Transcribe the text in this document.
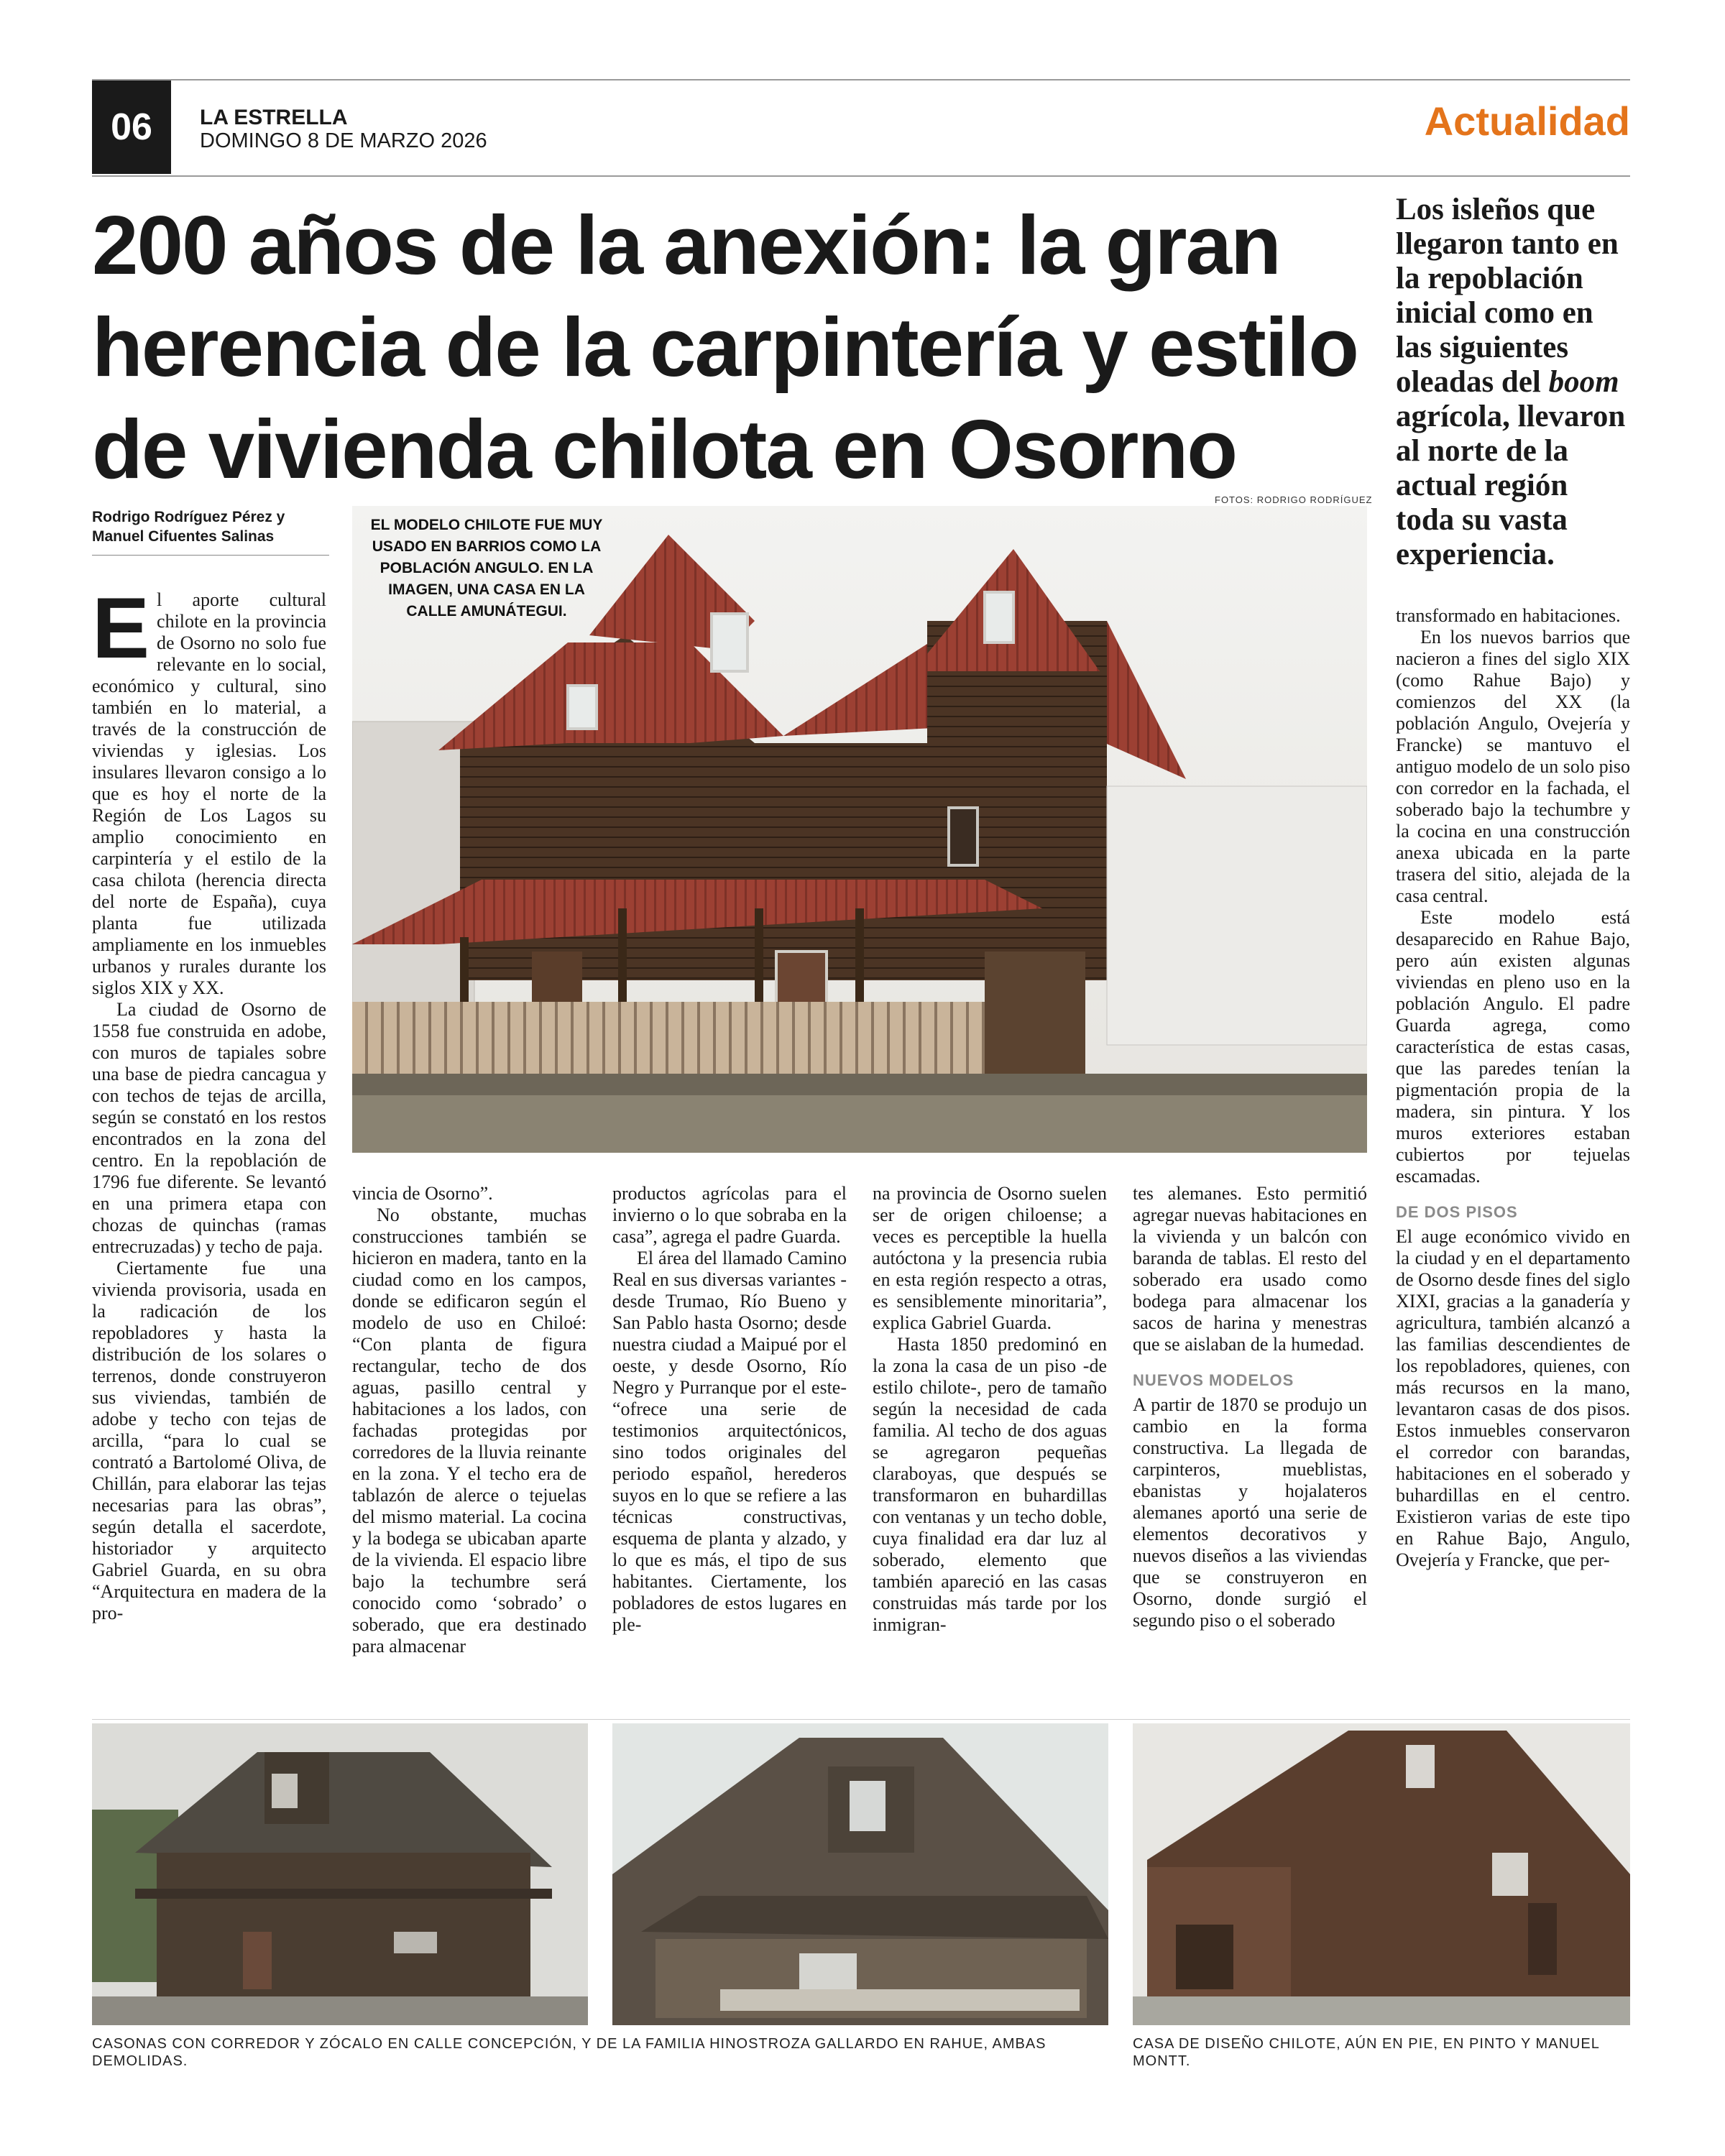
06	LA ESTRELLA
DOMINGO 8 DE MARZO 2026	Actualidad
200 años de la anexión: la gran herencia de la carpintería y estilo de vivienda chilota en Osorno

Los isleños que llegaron tanto en la repoblación inicial como en las siguientes oleadas del boom agrícola, llevaron al norte de la actual región toda su vasta experiencia.

Rodrigo Rodríguez Pérez y
Manuel Cifuentes Salinas
FOTOS: RODRIGO RODRÍGUEZ
EL MODELO CHILOTE FUE MUY USADO EN BARRIOS COMO LA POBLACIÓN ANGULO. EN LA IMAGEN, UNA CASA EN LA CALLE AMUNÁTEGUI.

El aporte cultural chilote en la provincia de Osorno no solo fue relevante en lo social, económico y cultural, sino también en lo material, a través de la construcción de viviendas y iglesias. Los insulares llevaron consigo a lo que es hoy el norte de la Región de Los Lagos su amplio conocimiento en carpintería y el estilo de la casa chilota (herencia directa del norte de España), cuya planta fue utilizada ampliamente en los inmuebles urbanos y rurales durante los siglos XIX y XX.

La ciudad de Osorno de 1558 fue construida en adobe, con muros de tapiales sobre una base de piedra cancagua y con techos de tejas de arcilla, según se constató en los restos encontrados en la zona del centro. En la repoblación de 1796 fue diferente. Se levantó en una primera etapa con chozas de quinchas (ramas entrecruzadas) y techo de paja.

Ciertamente fue una vivienda provisoria, usada en la radicación de los repobladores y hasta la distribución de los solares o terrenos, donde construyeron sus viviendas, también de adobe y techo con tejas de arcilla, “para lo cual se contrató a Bartolomé Oliva, de Chillán, para elaborar las tejas necesarias para las obras”, según detalla el sacerdote, historiador y arquitecto Gabriel Guarda, en su obra “Arquitectura en madera de la pro-

vincia de Osorno”.

No obstante, muchas construcciones también se hicieron en madera, tanto en la ciudad como en los campos, donde se edificaron según el modelo de uso en Chiloé: “Con planta de figura rectangular, techo de dos aguas, pasillo central y habitaciones a los lados, con fachadas protegidas por corredores de la lluvia reinante en la zona. Y el techo era de tablazón de alerce o tejuelas del mismo material. La cocina y la bodega se ubicaban aparte de la vivienda. El espacio libre bajo la techumbre será conocido como ‘sobrado’ o soberado, que era destinado para almacenar

productos agrícolas para el invierno o lo que sobraba en la casa”, agrega el padre Guarda.

El área del llamado Camino Real en sus diversas variantes -desde Trumao, Río Bueno y San Pablo hasta Osorno; desde nuestra ciudad a Maipué por el oeste, y desde Osorno, Río Negro y Purranque por el este- “ofrece una serie de testimonios arquitectónicos, sino todos originales del periodo español, herederos suyos en lo que se refiere a las técnicas constructivas, esquema de planta y alzado, y lo que es más, el tipo de sus habitantes. Ciertamente, los pobladores de estos lugares en ple-

na provincia de Osorno suelen ser de origen chiloense; a veces es perceptible la huella autóctona y la presencia rubia en esta región respecto a otras, es sensiblemente minoritaria”, explica Gabriel Guarda.

Hasta 1850 predominó en la zona la casa de un piso -de estilo chilote-, pero de tamaño según la necesidad de cada familia. Al techo de dos aguas se agregaron pequeñas claraboyas, que después se transformaron en buhardillas con ventanas y un techo doble, cuya finalidad era dar luz al soberado, elemento que también apareció en las casas construidas más tarde por los inmigran-

tes alemanes. Esto permitió agregar nuevas habitaciones en la vivienda y un balcón con baranda de tablas. El resto del soberado era usado como bodega para almacenar los sacos de harina y menestras que se aislaban de la humedad.

NUEVOS MODELOS

A partir de 1870 se produjo un cambio en la forma constructiva. La llegada de carpinteros, mueblistas, ebanistas y hojalateros alemanes aportó una serie de elementos decorativos y nuevos diseños a las viviendas que se construyeron en Osorno, donde surgió el segundo piso o el soberado

transformado en habitaciones.

En los nuevos barrios que nacieron a fines del siglo XIX (como Rahue Bajo) y comienzos del XX (la población Angulo, Ovejería y Francke) se mantuvo el antiguo modelo de un solo piso con corredor en la fachada, el soberado bajo la techumbre y la cocina en una construcción anexa ubicada en la parte trasera del sitio, alejada de la casa central.

Este modelo está desaparecido en Rahue Bajo, pero aún existen algunas viviendas en pleno uso en la población Angulo. El padre Guarda agrega, como característica de estas casas, que las paredes tenían la pigmentación propia de la madera, sin pintura. Y los muros exteriores estaban cubiertos por tejuelas escamadas.

DE DOS PISOS

El auge económico vivido en la ciudad y en el departamento de Osorno desde fines del siglo XIXI, gracias a la ganadería y agricultura, también alcanzó a las familias descendientes de los repobladores, quienes, con más recursos en la mano, levantaron casas de dos pisos. Estos inmuebles conservaron el corredor con barandas, habitaciones en el soberado y buhardillas en el centro. Existieron varias de este tipo en Rahue Bajo, Angulo, Ovejería y Francke, que per-

CASONAS CON CORREDOR Y ZÓCALO EN CALLE CONCEPCIÓN, Y DE LA FAMILIA HINOSTROZA GALLARDO EN RAHUE, AMBAS DEMOLIDAS.
CASA DE DISEÑO CHILOTE, AÚN EN PIE, EN PINTO Y MANUEL MONTT.
